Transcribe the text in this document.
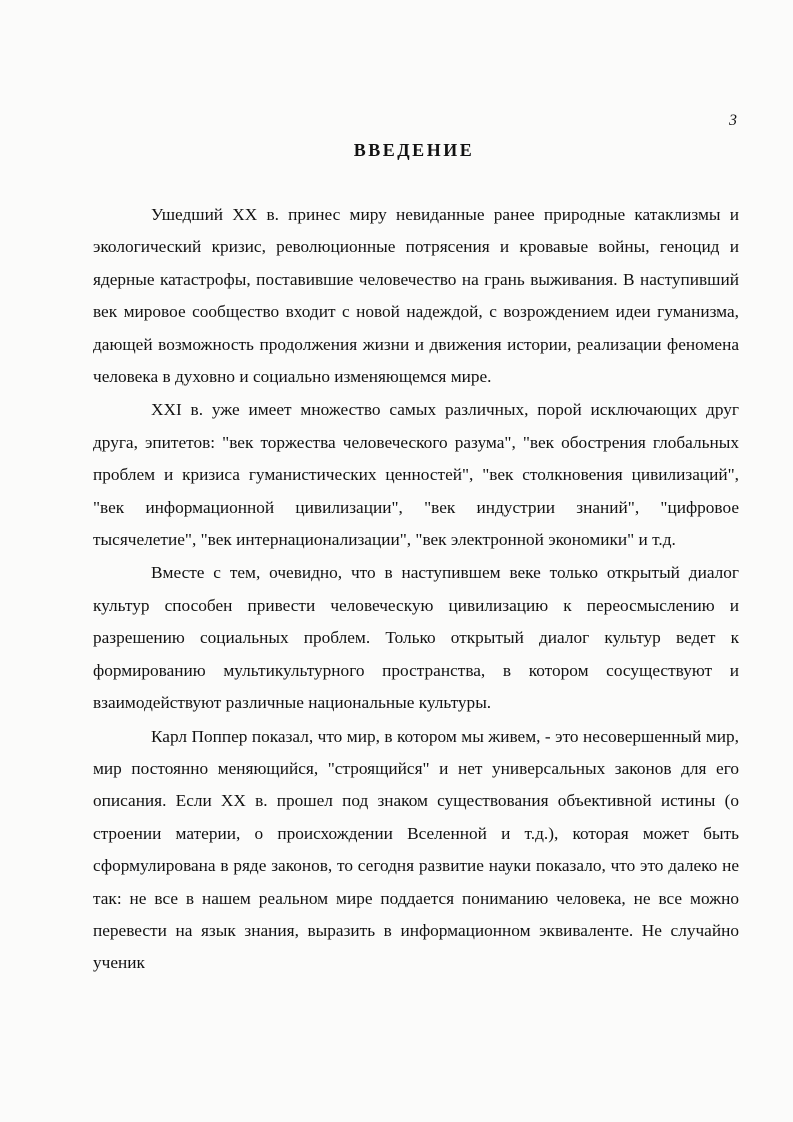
3
ВВЕДЕНИЕ

Ушедший XX в. принес миру невиданные ранее природные катаклизмы и экологический кризис, революционные потрясения и кровавые войны, геноцид и ядерные катастрофы, поставившие человечество на грань выживания. В наступивший век мировое сообщество входит с новой надеждой, с возрождением идеи гуманизма, дающей возможность продолжения жизни и движения истории, реализации феномена человека в духовно и социально изменяющемся мире.

XXI в. уже имеет множество самых различных, порой исключающих друг друга, эпитетов: "век торжества человеческого разума", "век обострения глобальных проблем и кризиса гуманистических ценностей", "век столкновения цивилизаций", "век информационной цивилизации", "век индустрии знаний", "цифровое тысячелетие", "век интернационализации", "век электронной экономики" и т.д.

Вместе с тем, очевидно, что в наступившем веке только открытый диалог культур способен привести человеческую цивилизацию к переосмыслению и разрешению социальных проблем. Только открытый диалог культур ведет к формированию мультикультурного пространства, в котором сосуществуют и взаимодействуют различные национальные культуры.

Карл Поппер показал, что мир, в котором мы живем, - это несовершенный мир, мир постоянно меняющийся, "строящийся" и нет универсальных законов для его описания. Если XX в. прошел под знаком существования объективной истины (о строении материи, о происхождении Вселенной и т.д.), которая может быть сформулирована в ряде законов, то сегодня развитие науки показало, что это далеко не так: не все в нашем реальном мире поддается пониманию человека, не все можно перевести на язык знания, выразить в информационном эквиваленте. Не случайно ученик
